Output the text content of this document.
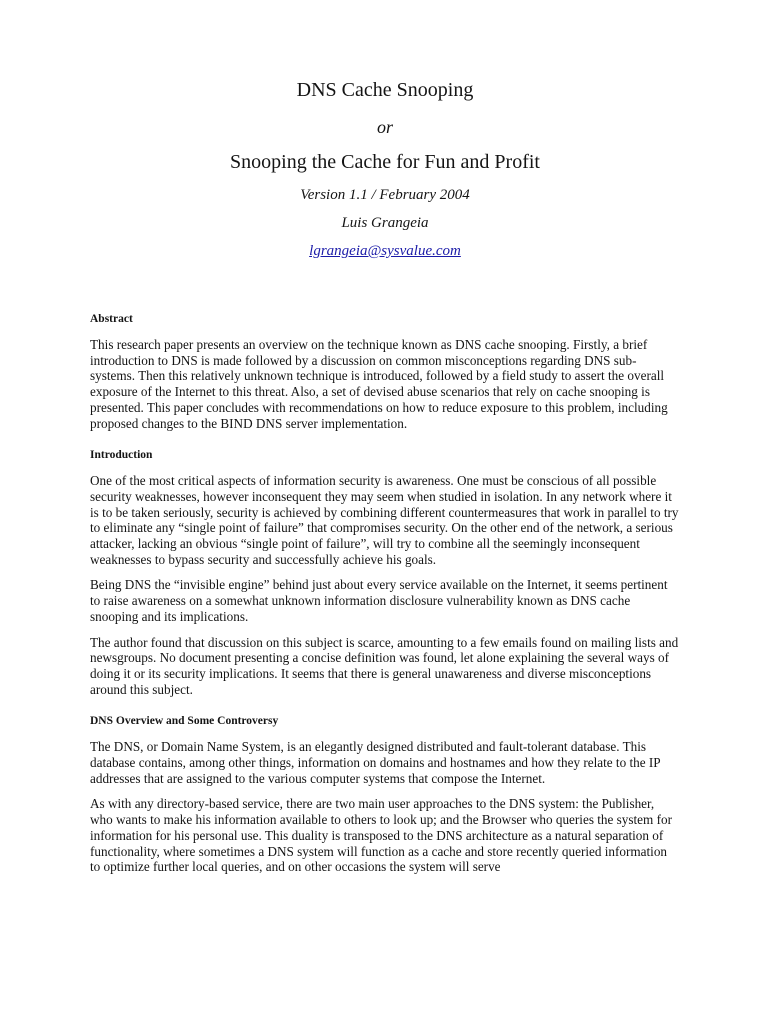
DNS Cache Snooping

or

Snooping the Cache for Fun and Profit

Version 1.1 / February 2004

Luis Grangeia

lgrangeia@sysvalue.com

Abstract

This research paper presents an overview on the technique known as DNS cache snooping. Firstly, a brief introduction to DNS is made followed by a discussion on common misconceptions regarding DNS sub-systems. Then this relatively unknown technique is introduced, followed by a field study to assert the overall exposure of the Internet to this threat. Also, a set of devised abuse scenarios that rely on cache snooping is presented. This paper concludes with recommendations on how to reduce exposure to this problem, including proposed changes to the BIND DNS server implementation.

Introduction

One of the most critical aspects of information security is awareness. One must be conscious of all possible security weaknesses, however inconsequent they may seem when studied in isolation. In any network where it is to be taken seriously, security is achieved by combining different countermeasures that work in parallel to try to eliminate any “single point of failure” that compromises security. On the other end of the network, a serious attacker, lacking an obvious “single point of failure”, will try to combine all the seemingly inconsequent weaknesses to bypass security and successfully achieve his goals.

Being DNS the “invisible engine” behind just about every service available on the Internet, it seems pertinent to raise awareness on a somewhat unknown information disclosure vulnerability known as DNS cache snooping and its implications.

The author found that discussion on this subject is scarce, amounting to a few emails found on mailing lists and newsgroups. No document presenting a concise definition was found, let alone explaining the several ways of doing it or its security implications. It seems that there is general unawareness and diverse misconceptions around this subject.

DNS Overview and Some Controversy

The DNS, or Domain Name System, is an elegantly designed distributed and fault-tolerant database. This database contains, among other things, information on domains and hostnames and how they relate to the IP addresses that are assigned to the various computer systems that compose the Internet.

As with any directory-based service, there are two main user approaches to the DNS system: the Publisher, who wants to make his information available to others to look up; and the Browser who queries the system for information for his personal use. This duality is transposed to the DNS architecture as a natural separation of functionality, where sometimes a DNS system will function as a cache and store recently queried information to optimize further local queries, and on other occasions the system will serve
